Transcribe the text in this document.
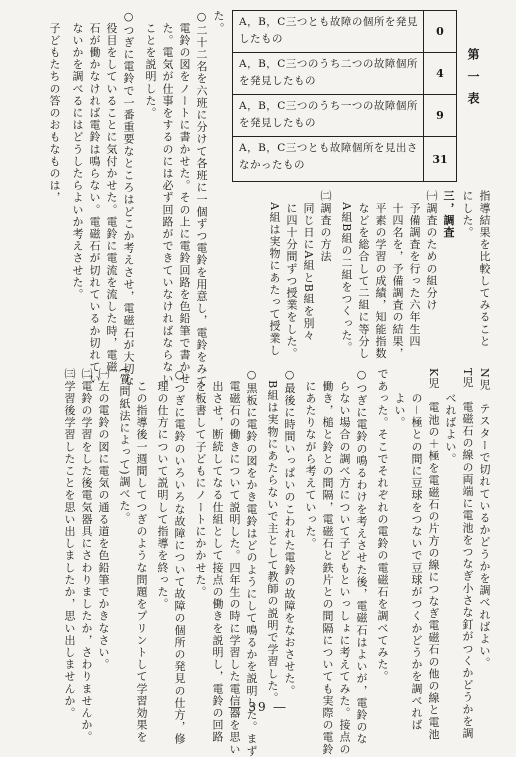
A，B，C三つとも故障の個所を発見したもの
0
A，B，C三つのうち二つの故障個所を発見したもの
4
A，B，C三つのうち一つの故障個所を発見したもの
9
A，B，C三つとも故障個所を見出さなかったもの	31
第一表
指導結果を比較してみること
にした。
三，調査
㈠調査のための組分け
　予備調査を行った六年生四
　十四名を，予備調査の結果，
　平素の学習の成績，知能指数
　などを総合して二組に等分し
　A組B組の二組をつくった。
㈡調査の方法
　同じ日にA組とB組を別々
　に四十分間ずつ授業をした。
　A組は実物にあたって授業し
た。
○二十二名を六班に分けて各班に一個ずつ電鈴を用意し，電鈴をみて
　電鈴の図をノートに書かせた。その上に電鈴回路を色鉛筆で書かせ
　た。電気が仕事をするのには必ず回路ができていなければならない
　ことを説明した。
○つぎに電鈴で一番重要なところはどこか考えさせ，電磁石が大切な
　役目をしていることに気付かせた。電鈴に電流を流した時，電磁
　石が働かなければ電鈴は鳴らない。電磁石が切れているか切れてい
　ないかを調べるにはどうしたらよいか考えさせた。
　子どもたちの答のおもなものは，
N児　テスターで切れているかどうかを調べればよい。
T児　電磁石の線の両端に電池をつなぎ小さな釘がつくかどうかを調
　　べればよい。
K児　電池の＋極を電磁石の片方の線につなぎ電磁石の他の線と電池
　　の－極との間に豆球をつないで豆球がつくかどうかを調べれば
　　よい。
であった。そこでそれぞれの電鈴の電磁石を調べてみた。
○つぎに電鈴の鳴るわけを考えさせた後，電磁石はよいが，電鈴のな
　らない場合の調べ方について子どもといっしょに考えてみた。接点の
　働き，槌と鈴との間隔，電磁石と鉄片との間隔についても実際の電鈴
　にあたりながら考えていった。
○最後に時間いっぱいのこわれた電鈴の故障をなおさせた。
　B組は実物にあたらないで主として教師の説明で学習した。
○黒板に電鈴の図をかき電鈴はどのようにして鳴るかを説明した。まず
　電磁石の働きについて説明した。四年生の時に学習した電信器を思い
　出させ，断続してなる仕組として接点の働きを説明し，電鈴の回路
　を板書して子どもにノートにかかせた。
○つぎに電鈴のいろいろな故障について故障の個所の発見の仕方，修
　理の仕方について説明して指導を終った。
　この指導後一週間してつぎのような問題をプリントして学習効果を
(質問紙法によって)調べた。
㈠左の電鈴の図に電気の通る道を色鉛筆でかきなさい。
㈡電鈴の学習をした後電気器具にさわりましたか，さわりませんか。
㈢学習後学習したことを思い出しましたか，思い出しませんか。	― 39 ―
